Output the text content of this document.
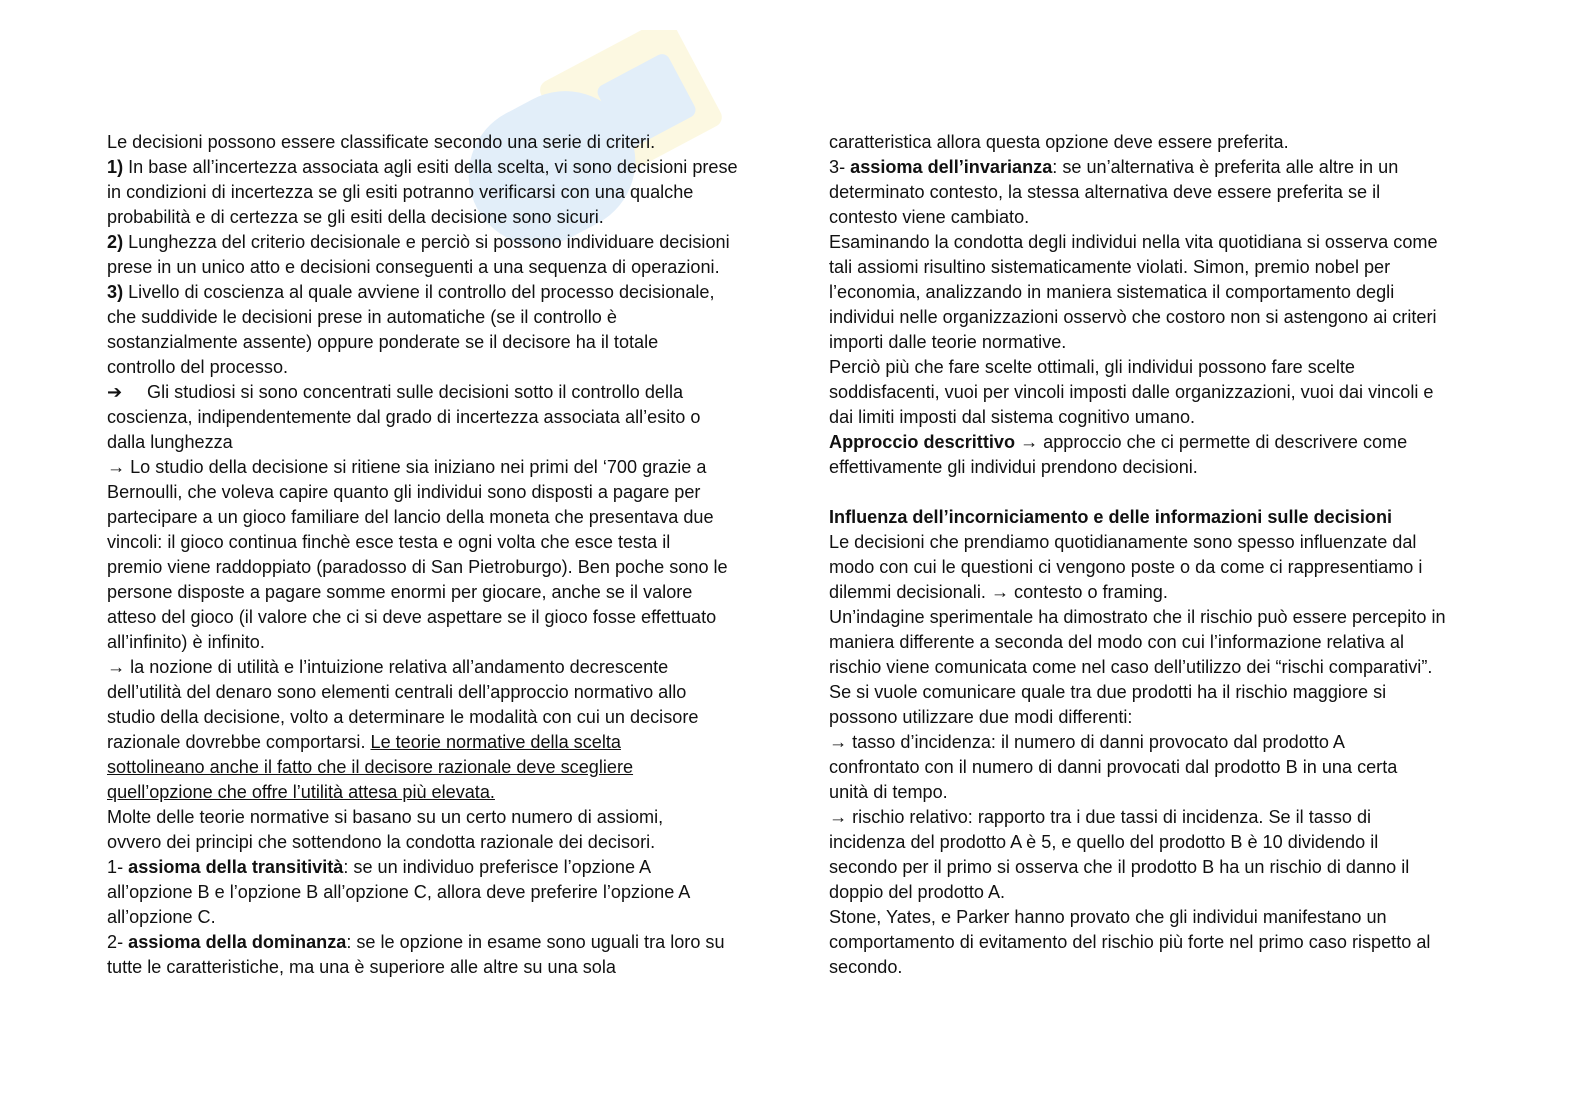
Le decisioni possono essere classificate secondo una serie di criteri.
1) In base all’incertezza associata agli esiti della scelta, vi sono decisioni prese
in condizioni di incertezza se gli esiti potranno verificarsi con una qualche
probabilità e di certezza se gli esiti della decisione sono sicuri.
2) Lunghezza del criterio decisionale e perciò si possono individuare decisioni
prese in un unico atto e decisioni conseguenti a una sequenza di operazioni.
3) Livello di coscienza al quale avviene il controllo del processo decisionale,
che suddivide le decisioni prese in automatiche (se il controllo è
sostanzialmente assente) oppure ponderate se il decisore ha il totale
controllo del processo.
➔ Gli studiosi si sono concentrati sulle decisioni sotto il controllo della
coscienza, indipendentemente dal grado di incertezza associata all’esito o
dalla lunghezza
→ Lo studio della decisione si ritiene sia iniziano nei primi del ‘700 grazie a
Bernoulli, che voleva capire quanto gli individui sono disposti a pagare per
partecipare a un gioco familiare del lancio della moneta che presentava due
vincoli: il gioco continua finchè esce testa e ogni volta che esce testa il
premio viene raddoppiato (paradosso di San Pietroburgo). Ben poche sono le
persone disposte a pagare somme enormi per giocare, anche se il valore
atteso del gioco (il valore che ci si deve aspettare se il gioco fosse effettuato
all’infinito) è infinito.
→ la nozione di utilità e l’intuizione relativa all’andamento decrescente
dell’utilità del denaro sono elementi centrali dell’approccio normativo allo
studio della decisione, volto a determinare le modalità con cui un decisore
razionale dovrebbe comportarsi. Le teorie normative della scelta
sottolineano anche il fatto che il decisore razionale deve scegliere
quell’opzione che offre l’utilità attesa più elevata.
Molte delle teorie normative si basano su un certo numero di assiomi,
ovvero dei principi che sottendono la condotta razionale dei decisori.
1- assioma della transitività: se un individuo preferisce l’opzione A
all’opzione B e l’opzione B all’opzione C, allora deve preferire l’opzione A
all’opzione C.
2- assioma della dominanza: se le opzione in esame sono uguali tra loro su
tutte le caratteristiche, ma una è superiore alle altre su una sola
caratteristica allora questa opzione deve essere preferita.
3- assioma dell’invarianza: se un’alternativa è preferita alle altre in un
determinato contesto, la stessa alternativa deve essere preferita se il
contesto viene cambiato.
Esaminando la condotta degli individui nella vita quotidiana si osserva come
tali assiomi risultino sistematicamente violati. Simon, premio nobel per
l’economia, analizzando in maniera sistematica il comportamento degli
individui nelle organizzazioni osservò che costoro non si astengono ai criteri
importi dalle teorie normative.
Perciò più che fare scelte ottimali, gli individui possono fare scelte
soddisfacenti, vuoi per vincoli imposti dalle organizzazioni, vuoi dai vincoli e
dai limiti imposti dal sistema cognitivo umano.
Approccio descrittivo → approccio che ci permette di descrivere come
effettivamente gli individui prendono decisioni.
Influenza dell’incorniciamento e delle informazioni sulle decisioni
Le decisioni che prendiamo quotidianamente sono spesso influenzate dal
modo con cui le questioni ci vengono poste o da come ci rappresentiamo i
dilemmi decisionali. → contesto o framing.
Un’indagine sperimentale ha dimostrato che il rischio può essere percepito in
maniera differente a seconda del modo con cui l’informazione relativa al
rischio viene comunicata come nel caso dell’utilizzo dei “rischi comparativi”.
Se si vuole comunicare quale tra due prodotti ha il rischio maggiore si
possono utilizzare due modi differenti:
→ tasso d’incidenza: il numero di danni provocato dal prodotto A
confrontato con il numero di danni provocati dal prodotto B in una certa
unità di tempo.
→ rischio relativo: rapporto tra i due tassi di incidenza. Se il tasso di
incidenza del prodotto A è 5, e quello del prodotto B è 10 dividendo il
secondo per il primo si osserva che il prodotto B ha un rischio di danno il
doppio del prodotto A.
Stone, Yates, e Parker hanno provato che gli individui manifestano un
comportamento di evitamento del rischio più forte nel primo caso rispetto al
secondo.
